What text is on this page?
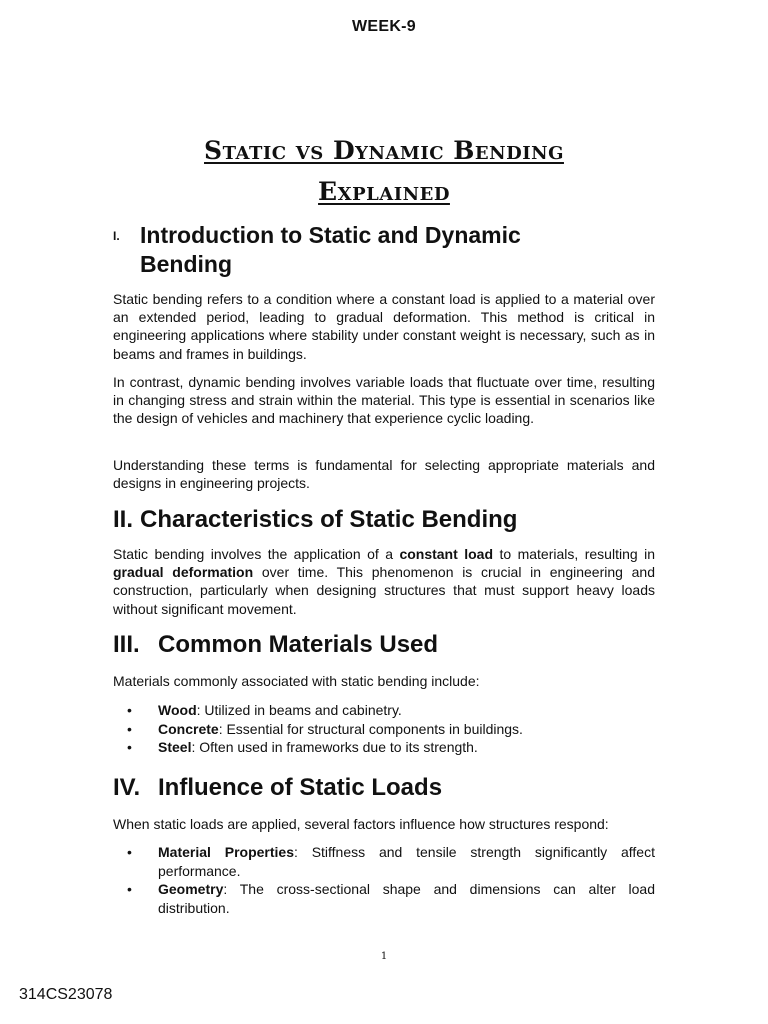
WEEK-9
Static vs Dynamic Bending
Explained
I. Introduction to Static and Dynamic
Bending

Static bending refers to a condition where a constant load is applied to a material over an extended period, leading to gradual deformation. This method is critical in engineering applications where stability under constant weight is necessary, such as in beams and frames in buildings.

In contrast, dynamic bending involves variable loads that fluctuate over time, resulting in changing stress and strain within the material. This type is essential in scenarios like the design of vehicles and machinery that experience cyclic loading.

Understanding these terms is fundamental for selecting appropriate materials and designs in engineering projects.

II. Characteristics of Static Bending

Static bending involves the application of a constant load to materials, resulting in gradual deformation over time. This phenomenon is crucial in engineering and construction, particularly when designing structures that must support heavy loads without significant movement.

III. Common Materials Used

Materials commonly associated with static bending include:

• Wood: Utilized in beams and cabinetry.
• Concrete: Essential for structural components in buildings.
• Steel: Often used in frameworks due to its strength.
IV. Influence of Static Loads

When static loads are applied, several factors influence how structures respond:

• Material Properties: Stiffness and tensile strength significantly affect performance.
• Geometry: The cross-sectional shape and dimensions can alter load distribution.
1
314CS23078
